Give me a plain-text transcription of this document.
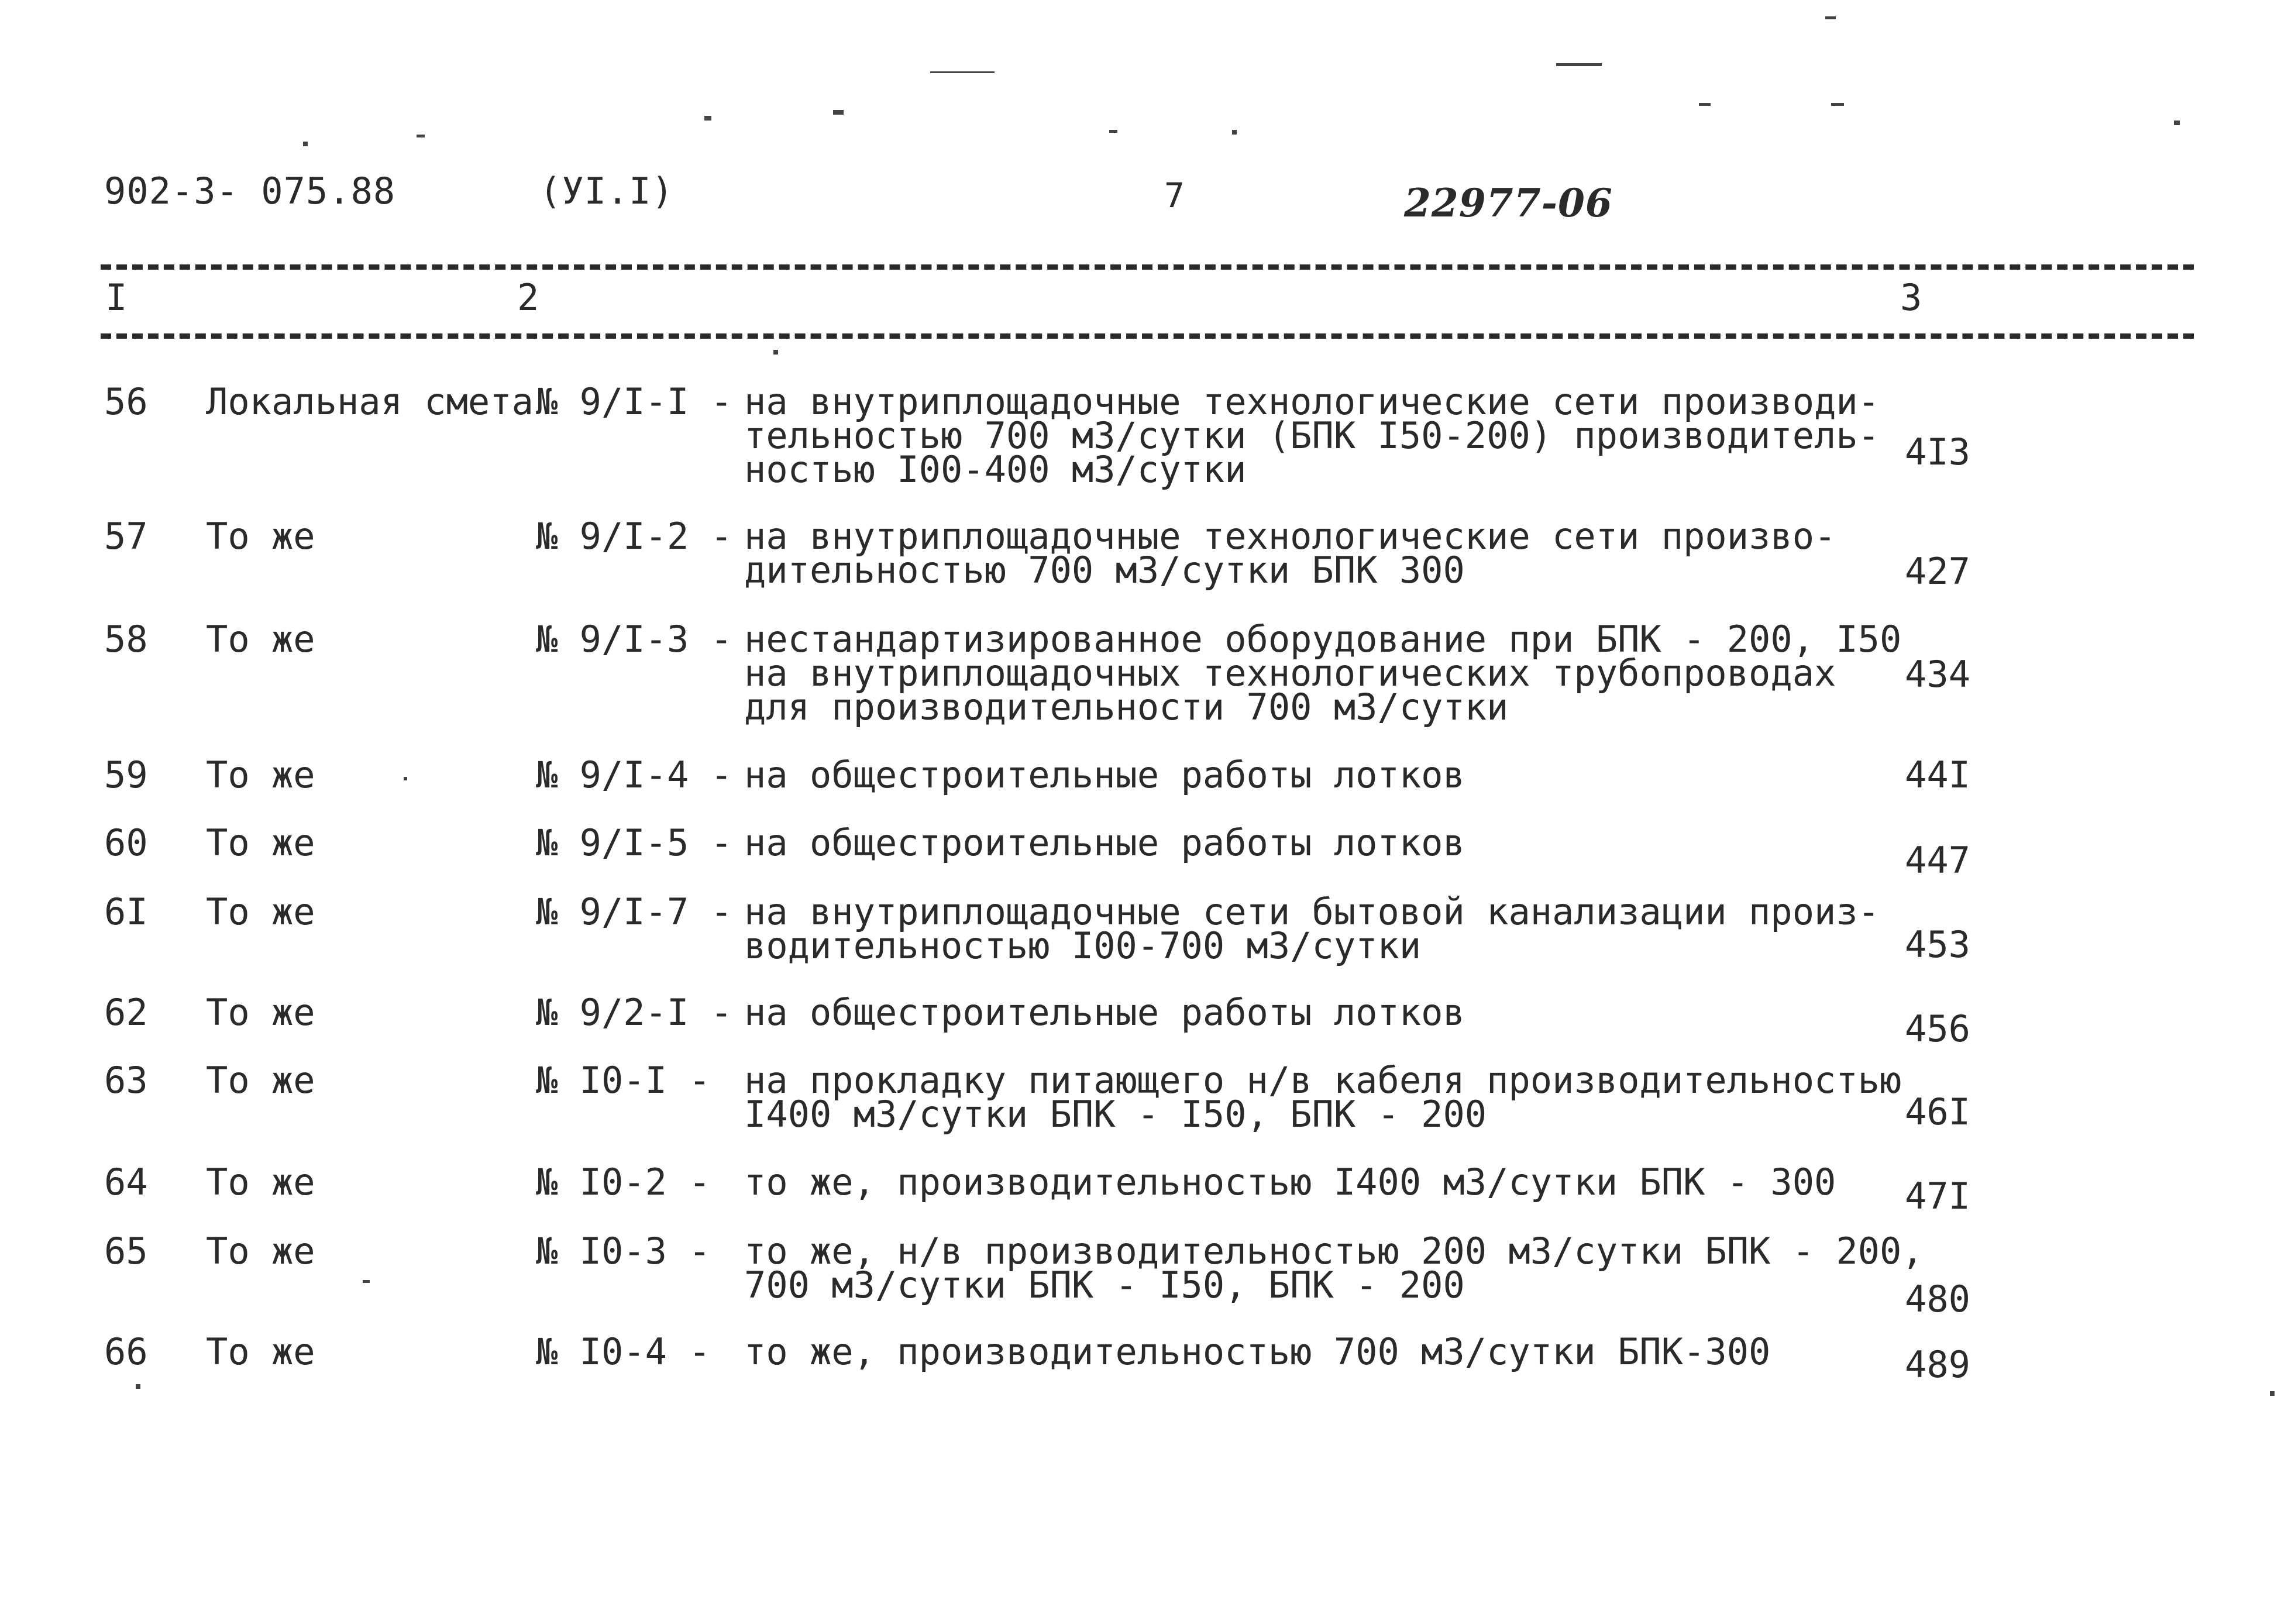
902-3- 075.88	(УI.I)	7	22977-06
I	2	3
56 Локальная смета № 9/I-I - на внутриплощадочные технологические сети производи-
тельностью 700 м3/сутки (БПК I50-200) производитель-
ностью I00-400 м3/сутки	4I3
57 То же	№ 9/I-2 - на внутриплощадочные технологические сети произво-
дительностью 700 м3/сутки БПК 300	427
58 То же	№ 9/I-3 - нестандартизированное оборудование при БПК - 200, I50
на внутриплощадочных технологических трубопроводах
для производительности 700 м3/сутки
434
59 То же	№ 9/I-4 - на общестроительные работы лотков	44I
60 То же	№ 9/I-5 - на общестроительные работы лотков	447
6I То же	№ 9/I-7 - на внутриплощадочные сети бытовой канализации произ-
водительностью I00-700 м3/сутки	453
62 То же	№ 9/2-I - на общестроительные работы лотков	456
63 То же	№ I0-I - на прокладку питающего н/в кабеля производительностью
I400 м3/сутки БПК - I50, БПК - 200	46I
64 То же	№ I0-2 - то же, производительностью I400 м3/сутки БПК - 300 47I
65 То же	№ I0-3 - то же, н/в производительностью 200 м3/сутки БПК - 200,
700 м3/сутки БПК - I50, БПК - 200	480
66 То же	№ I0-4 - то же, производительностью 700 м3/сутки БПК-300	489
